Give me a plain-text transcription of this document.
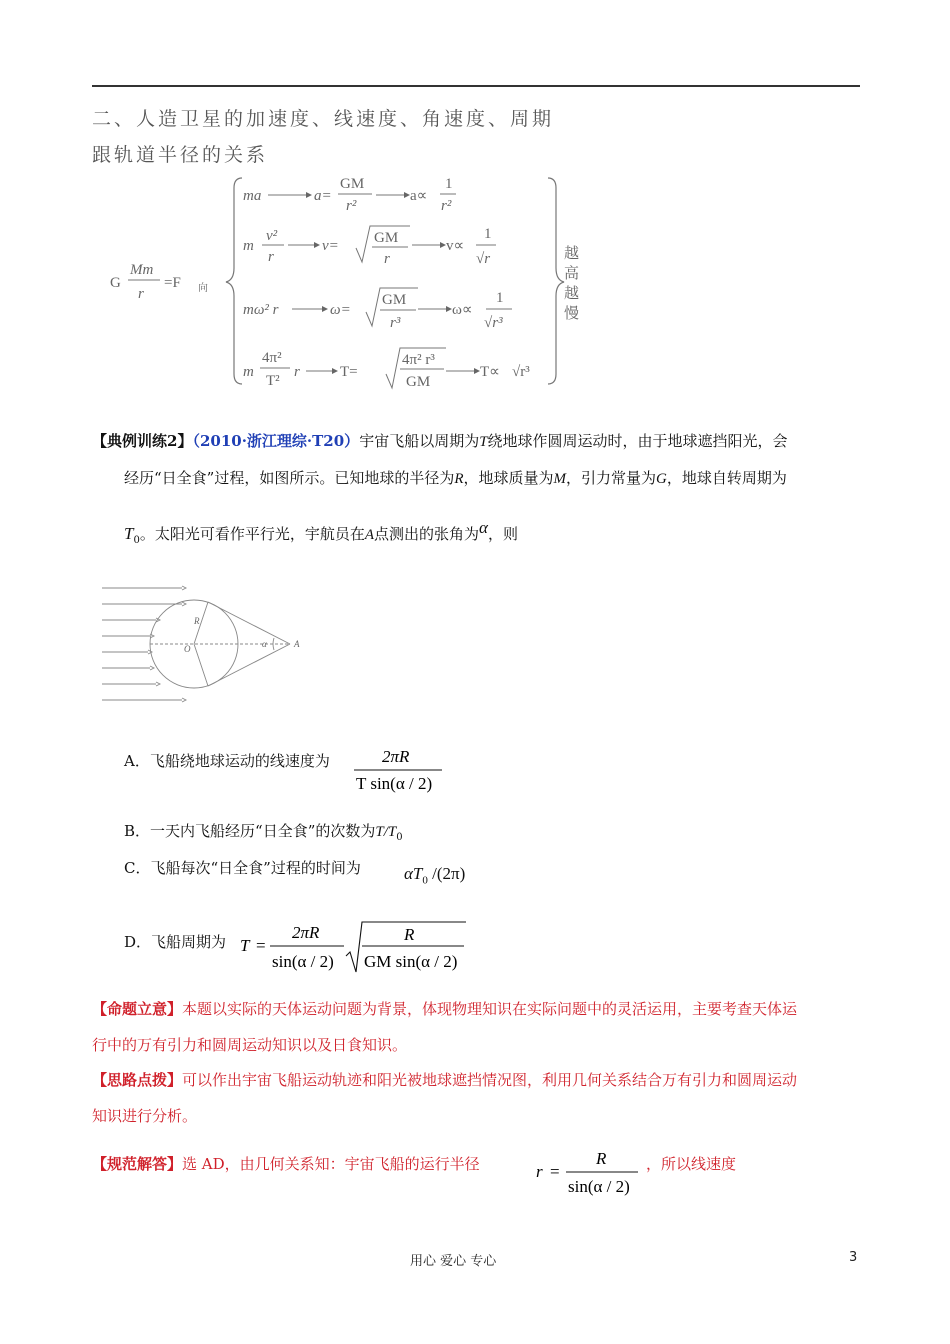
二、人造卫星的加速度、线速度、角速度、周期
跟轨道半径的关系
G
Mm
r
=F 向
ma	a=
GM
r²
a∝
1
r²
m
v²
r
v= GM
r
v∝
1
√r
mω² r	ω=
GM
r³
ω∝
1
√r³
m
4π²
T²
r	T=
4π² r³
GM
T∝ √r³
越
高
越
慢
【典例训练2】（2010·浙江理综·T20）宇宙飞船以周期为T绕地球作圆周运动时，由于地球遮挡阳光，会
经历“日全食”过程，如图所示。已知地球的半径为R，地球质量为M，引力常量为G，地球自转周期为
$T_0$。太阳光可看作平行光，宇航员在A点测出的张角为α，则
R
O	A
α
A．飞船绕地球运动的线速度为	2πR
T sin(α / 2)
B．一天内飞船经历“日全食”的次数为$T/T_0$
C．飞船每次“日全食”过程的时间为	$\alpha T_0$ /(2π)
D．飞船周期为 T =
2πR
sin(α / 2)
R
GM sin(α / 2)
【命题立意】本题以实际的天体运动问题为背景，体现物理知识在实际问题中的灵活运用，主要考查天体运
行中的万有引力和圆周运动知识以及日食知识。
【思路点拨】可以作出宇宙飞船运动轨迹和阳光被地球遮挡情况图，利用几何关系结合万有引力和圆周运动
知识进行分析。
【规范解答】选 AD，由几何关系知：宇宙飞船的运行半径	r =
R
sin(α / 2)
，所以线速度
用心 爱心 专心	3
